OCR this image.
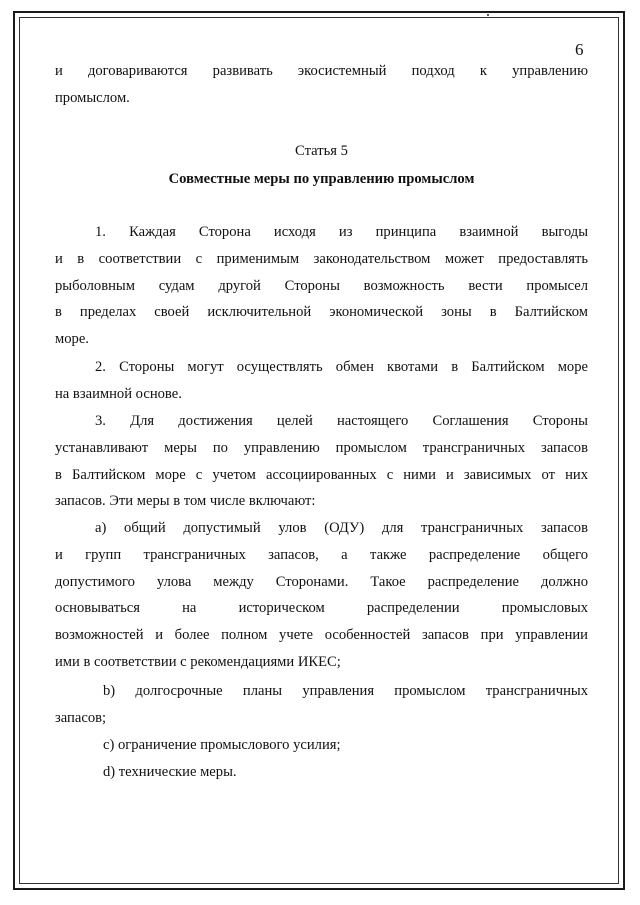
6
и договариваются развивать экосистемный подход к управлению
промыслом.
Статья 5
Совместные меры по управлению промыслом
1. Каждая Сторона исходя из принципа взаимной выгоды
и в соответствии с применимым законодательством может предоставлять
рыболовным судам другой Стороны возможность вести промысел
в пределах своей исключительной экономической зоны в Балтийском
море.
2. Стороны могут осуществлять обмен квотами в Балтийском море
на взаимной основе.
3. Для достижения целей настоящего Соглашения Стороны
устанавливают меры по управлению промыслом трансграничных запасов
в Балтийском море с учетом ассоциированных с ними и зависимых от них
запасов. Эти меры в том числе включают:
a) общий допустимый улов (ОДУ) для трансграничных запасов
и групп трансграничных запасов, а также распределение общего
допустимого улова между Сторонами. Такое распределение должно
основываться на историческом распределении промысловых
возможностей и более полном учете особенностей запасов при управлении
ими в соответствии с рекомендациями ИКЕС;
b) долгосрочные планы управления промыслом трансграничных
запасов;
c) ограничение промыслового усилия;
d) технические меры.
